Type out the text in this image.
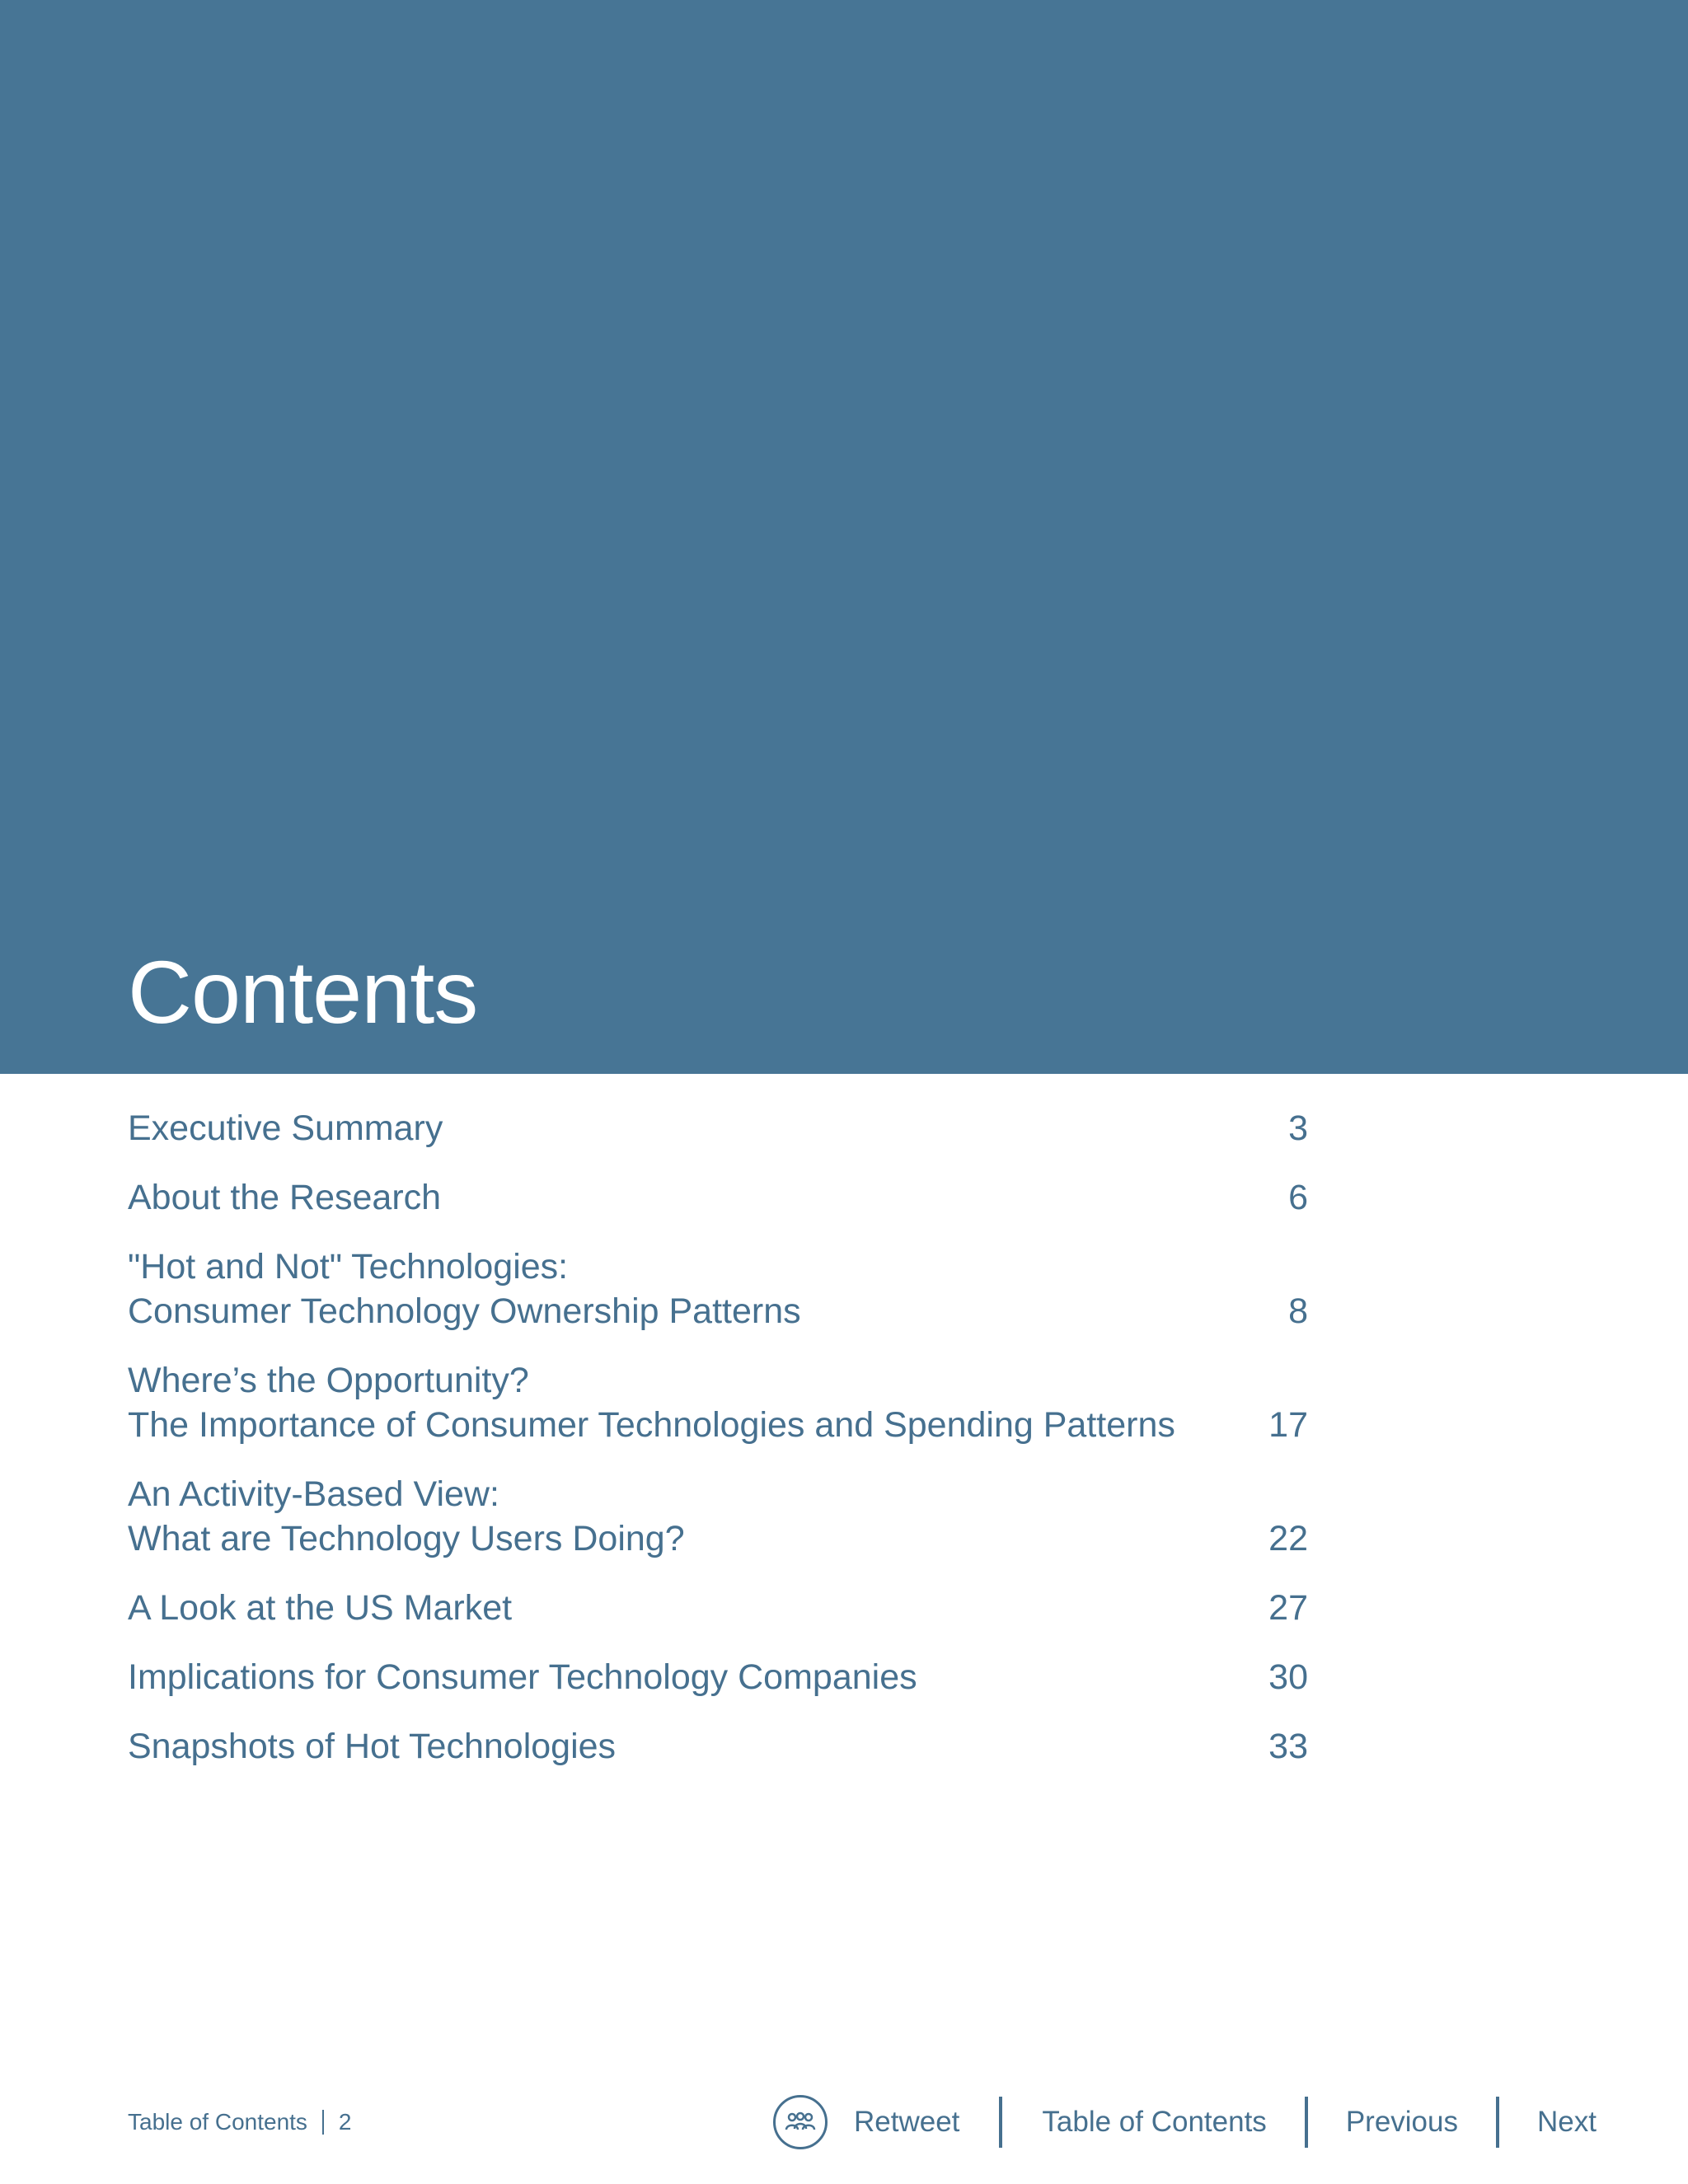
Contents
Executive Summary	3
About the Research	6
"Hot and Not" Technologies:
Consumer Technology Ownership Patterns	8
Where’s the Opportunity?
The Importance of Consumer Technologies and Spending Patterns	17
An Activity-Based View:
What are Technology Users Doing?	22
A Look at the US Market	27
Implications for Consumer Technology Companies	30
Snapshots of Hot Technologies	33
Table of Contents 2	Retweet	Table of Contents	Previous	Next
